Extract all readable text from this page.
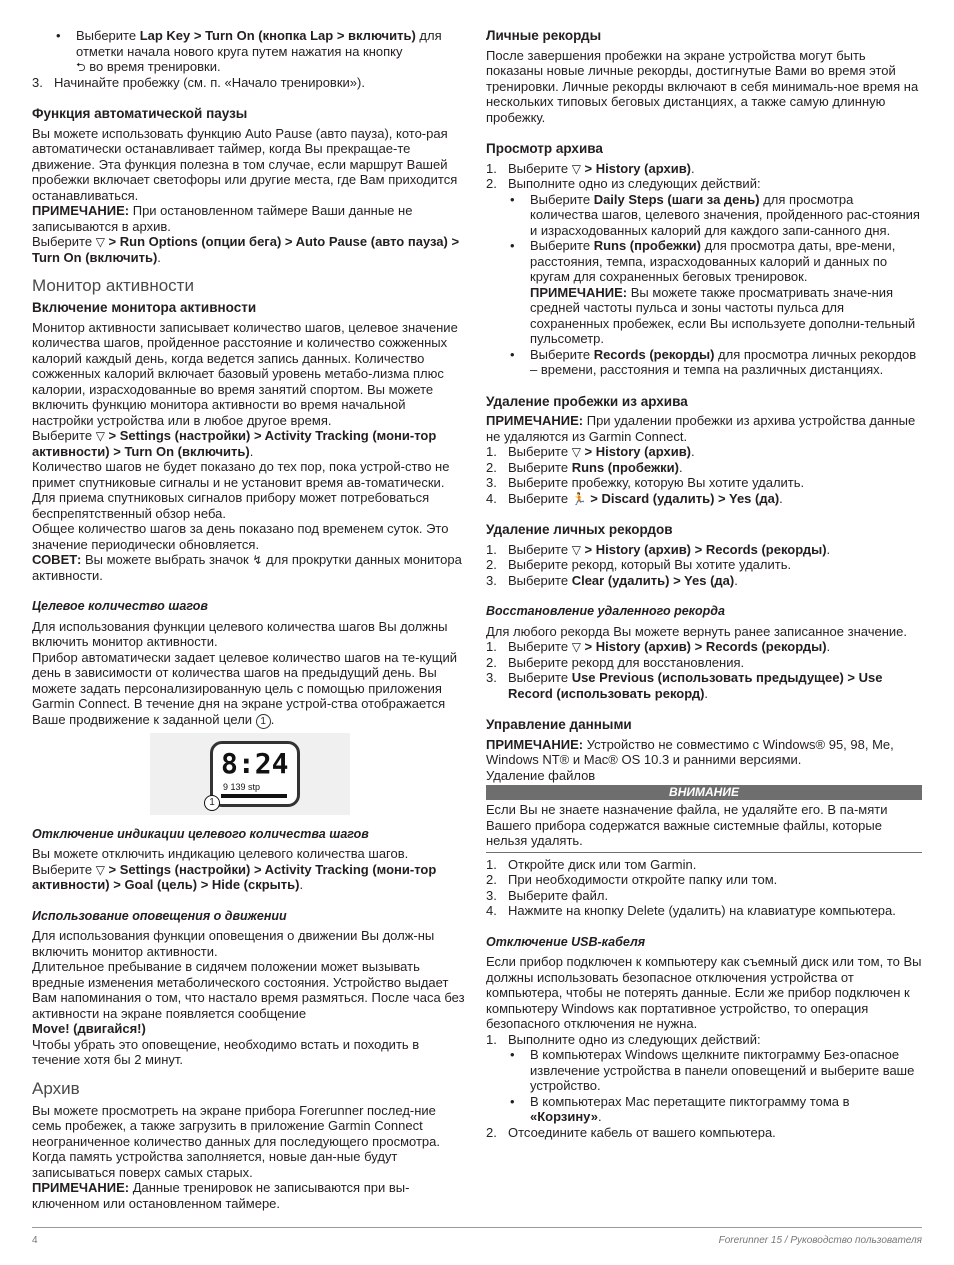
• Выберите Lap Key > Turn On (кнопка Lap > включить) для отметки начала нового круга путем нажатия на кнопку
⮌ во время тренировки.
3. Начинайте пробежку (см. п. «Начало тренировки»).

Функция автоматической паузы

Вы можете использовать функцию Auto Pause (авто пауза), кото-рая автоматически останавливает таймер, когда Вы прекращае-те движение. Эта функция полезна в том случае, если маршрут Вашей пробежки включает светофоры или другие места, где Вам приходится останавливаться.

ПРИМЕЧАНИЕ: При остановленном таймере Ваши данные не записываются в архив.

Выберите ▽ > Run Options (опции бега) > Auto Pause (авто пауза) > Turn On (включить).

Монитор активности

Включение монитора активности

Монитор активности записывает количество шагов, целевое значение количества шагов, пройденное расстояние и количество сожженных калорий каждый день, когда ведется запись данных. Количество сожженных калорий включает базовый уровень метабо-лизма плюс калории, израсходованные во время занятий спортом. Вы можете включить функцию монитора активности во время начальной настройки устройства или в любое другое время.

Выберите ▽ > Settings (настройки) > Activity Tracking (мони-тор активности) > Turn On (включить).

Количество шагов не будет показано до тех пор, пока устрой-ство не примет спутниковые сигналы и не установит время ав-томатически. Для приема спутниковых сигналов прибору может потребоваться беспрепятственный обзор неба.

Общее количество шагов за день показано под временем суток. Это значение периодически обновляется.

СОВЕТ: Вы можете выбрать значок ↯ для прокрутки данных монитора активности.

Целевое количество шагов

Для использования функции целевого количества шагов Вы должны включить монитор активности.

Прибор автоматически задает целевое количество шагов на те-кущий день в зависимости от количества шагов на предыдущий день. Вы можете задать персонализированную цель с помощью приложения Garmin Connect. В течение дня на экране устрой-ства отображается Ваше продвижение к заданной цели 1 .

8:24
9 139 stp
1

Отключение индикации целевого количества шагов

Вы можете отключить индикацию целевого количества шагов.

Выберите ▽ > Settings (настройки) > Activity Tracking (мони-тор активности) > Goal (цель) > Hide (скрыть).

Использование оповещения о движении

Для использования функции оповещения о движении Вы долж-ны включить монитор активности.

Длительное пребывание в сидячем положении может вызывать вредные изменения метаболического состояния. Устройство выдает Вам напоминания о том, что настало время размяться. После часа без активности на экране появляется сообщение

Move! (двигайся!)

Чтобы убрать это оповещение, необходимо встать и походить в течение хотя бы 2 минут.

Архив

Вы можете просмотреть на экране прибора Forerunner послед-ние семь пробежек, а также загрузить в приложение Garmin Connect неограниченное количество данных для последующего просмотра. Когда память устройства заполняется, новые дан-ные будут записываться поверх самых старых.

ПРИМЕЧАНИЕ: Данные тренировок не записываются при вы-ключенном или остановленном таймере.

Личные рекорды

После завершения пробежки на экране устройства могут быть показаны новые личные рекорды, достигнутые Вами во время этой тренировки. Личные рекорды включают в себя минималь-ное время на нескольких типовых беговых дистанциях, а также самую длинную пробежку.

Просмотр архива

1. Выберите ▽ > History (архив).
2. Выполните одно из следующих действий:
• Выберите Daily Steps (шаги за день) для просмотра количества шагов, целевого значения, пройденного рас-стояния и израсходованных калорий для каждого запи-санного дня.
• Выберите Runs (пробежки) для просмотра даты, вре-мени, расстояния, темпа, израсходованных калорий и данных по кругам для сохраненных беговых тренировок.
ПРИМЕЧАНИЕ: Вы можете также просматривать значе-ния средней частоты пульса и зоны частоты пульса для сохраненных пробежек, если Вы используете дополни-тельный пульсометр.
• Выберите Records (рекорды) для просмотра личных рекордов – времени, расстояния и темпа на различных дистанциях.

Удаление пробежки из архива

ПРИМЕЧАНИЕ: При удалении пробежки из архива устройства данные не удаляются из Garmin Connect.

1. Выберите ▽ > History (архив).
2. Выберите Runs (пробежки).
3. Выберите пробежку, которую Вы хотите удалить.
4. Выберите 🏃 > Discard (удалить) > Yes (да).

Удаление личных рекордов

1. Выберите ▽ > History (архив) > Records (рекорды).
2. Выберите рекорд, который Вы хотите удалить.
3. Выберите Clear (удалить) > Yes (да).

Восстановление удаленного рекорда

Для любого рекорда Вы можете вернуть ранее записанное значение.

1. Выберите ▽ > History (архив) > Records (рекорды).
2. Выберите рекорд для восстановления.
3. Выберите Use Previous (использовать предыдущее) > Use Record (использовать рекорд).

Управление данными

ПРИМЕЧАНИЕ: Устройство не совместимо с Windows® 95, 98, Me, Windows NT® и Mac® OS 10.3 и ранними версиями.

Удаление файлов

ВНИМАНИЕ

Если Вы не знаете назначение файла, не удаляйте его. В па-мяти Вашего прибора содержатся важные системные файлы, которые нельзя удалять.

1. Откройте диск или том Garmin.
2. При необходимости откройте папку или том.
3. Выберите файл.
4. Нажмите на кнопку Delete (удалить) на клавиатуре компьютера.

Отключение USB-кабеля

Если прибор подключен к компьютеру как съемный диск или том, то Вы должны использовать безопасное отключения устройства от компьютера, чтобы не потерять данные. Если же прибор подключен к компьютеру Windows как портативное устройство, то операция безопасного отключения не нужна.

1. Выполните одно из следующих действий:
• В компьютерах Windows щелкните пиктограмму Без-опасное извлечение устройства в панели оповещений и выберите ваше устройство.
• В компьютерах Mac перетащите пиктограмму тома в «Корзину».
2. Отсоедините кабель от вашего компьютера.
4	Forerunner 15 / Руководство пользователя
